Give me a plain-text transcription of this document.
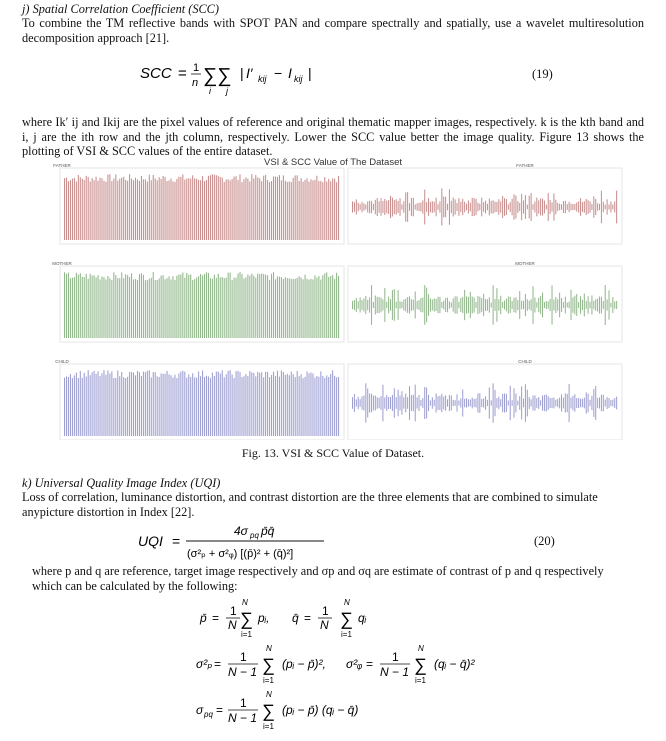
j) Spatial Correlation Coefficient (SCC)
To combine the TM reflective bands with SPOT PAN and compare spectrally and spatially, use a wavelet multiresolution decomposition approach [21].
SCC = 1
n ∑∑
i j
| I′ kij − I kij |	(19)
where Ik′ ij and Ikij are the pixel values of reference and original thematic mapper images, respectively. k is the kth band and i, j are the ith row and the jth column, respectively. Lower the SCC value better the image quality. Figure 13 shows the plotting of VSI & SCC values of the entire dataset.
FATHER	FATHER
MOTHER	MOTHER
CHILD	CHILD
VSI & SCC Value of The Dataset
Fig. 13. VSI & SCC Value of Dataset.
k) Universal Quality Image Index (UQI)
Loss of correlation, luminance distortion, and contrast distortion are the three elements that are combined to simulate anypicture distortion in Index [22].
UQI =
4σ pq p̄q̄
(σ²ₚ + σ²ᵩ) [(p̄)² + (q̄)²]
(20)
where p and q are reference, target image respectively and σp and σq are estimate of contrast of p and q respectively which can be calculated by the following:
p̄ = 1
N
N
∑
i=1
pᵢ, q̄ = 1
N
N
∑
i=1
qᵢ
σ²ₚ = 1
N − 1
N
∑
i=1
(pᵢ − p̄)², σ²ᵩ = 1
N − 1
N
∑
i=1
(qᵢ − q̄)²
σ pq = 1
N − 1
N
∑
i=1
(pᵢ − p̄) (qᵢ − q̄)
